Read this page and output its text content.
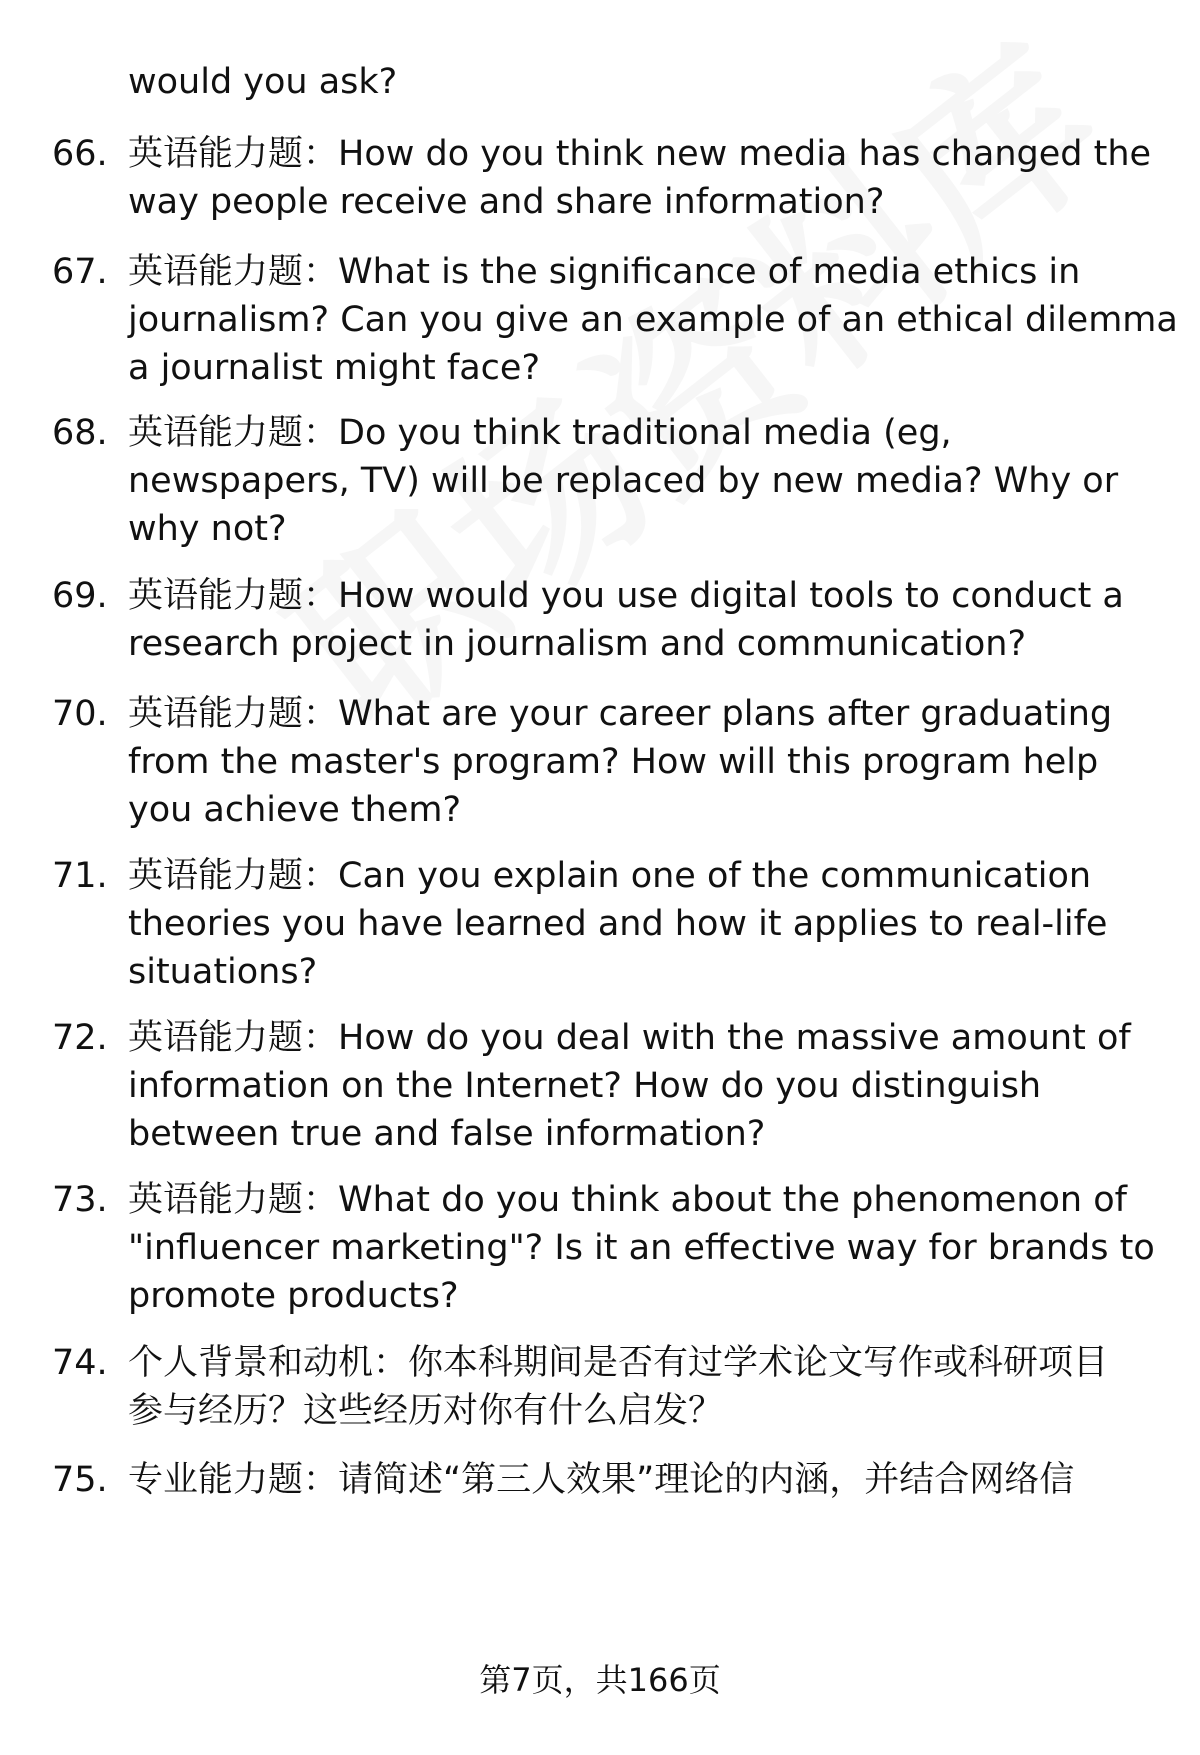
would you ask?
66. 英语能力题：How do you think new media has changed the
way people receive and share information?
67. 英语能力题：What is the significance of media ethics in
journalism? Can you give an example of an ethical dilemma
a journalist might face?
68. 英语能力题：Do you think traditional media (eg,
newspapers, TV) will be replaced by new media? Why or
why not?
69. 英语能力题：How would you use digital tools to conduct a
research project in journalism and communication?
70. 英语能力题：What are your career plans after graduating
from the master's program? How will this program help
you achieve them?
71. 英语能力题：Can you explain one of the communication
theories you have learned and how it applies to real-life
situations?
72. 英语能力题：How do you deal with the massive amount of
information on the Internet? How do you distinguish
between true and false information?
73. 英语能力题：What do you think about the phenomenon of
"influencer marketing"? Is it an effective way for brands to
promote products?
74. 个人背景和动机：你本科期间是否有过学术论文写作或科研项目
参与经历？这些经历对你有什么启发？
75. 专业能力题：请简述“第三人效果”理论的内涵，并结合网络信
第7页，共166页
